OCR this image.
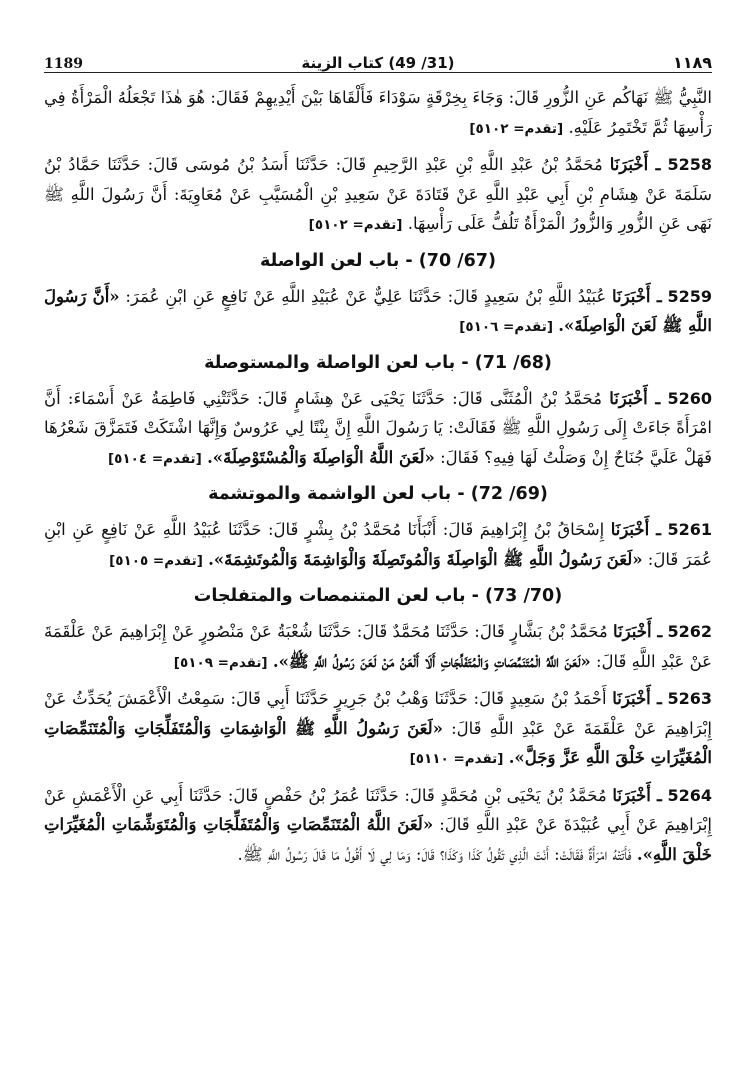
1189	(31/ 49) كتاب الزينة	١١٨٩

النَّبِيُّ ﷺ نَهَاكُم عَنِ الزُّورِ قَالَ: وَجَاءَ بِخِرْقَةٍ سَوْدَاءَ فَأَلْقَاهَا بَيْنَ أَيْدِيهِمْ فَقَالَ: هُوَ هٰذَا تَجْعَلُهُ الْمَرْأَةُ فِي رَأْسِهَا ثُمَّ تَخْتَمِرُ عَلَيْهِ. [تقدم= ٥١٠٢]

5258 ـ أَخْبَرَنَا مُحَمَّدُ بْنُ عَبْدِ اللَّهِ بْنِ عَبْدِ الرَّحِيمِ قَالَ: حَدَّثَنَا أَسَدُ بْنُ مُوسَى قَالَ: حَدَّثَنَا حَمَّادُ بْنُ سَلَمَةَ عَنْ هِشَامِ بْنِ أَبِي عَبْدِ اللَّهِ عَنْ قَتَادَةَ عَنْ سَعِيدِ بْنِ الْمُسَيَّبِ عَنْ مُعَاوِيَةَ: أَنَّ رَسُولَ اللَّهِ ﷺ نَهَى عَنِ الزُّورِ وَالزُّورُ الْمَرْأَةُ تَلُفُّ عَلَى رَأْسِهَا. [تقدم= ٥١٠٢]

(67/ 70) - باب لعن الواصلة

5259 ـ أَخْبَرَنَا عُبَيْدُ اللَّهِ بْنُ سَعِيدٍ قَالَ: حَدَّثَنَا عَلِيٌّ عَنْ عُبَيْدِ اللَّهِ عَنْ نَافِعٍ عَنِ ابْنِ عُمَرَ: «أَنَّ رَسُولَ اللَّهِ ﷺ لَعَنَ الْوَاصِلَةَ». [تقدم= ٥١٠٦]

(68/ 71) - باب لعن الواصلة والمستوصلة

5260 ـ أَخْبَرَنَا مُحَمَّدُ بْنُ الْمُثَنَّى قَالَ: حَدَّثَنَا يَحْيَى عَنْ هِشَامٍ قَالَ: حَدَّثَتْنِي فَاطِمَةُ عَنْ أَسْمَاءَ: أَنَّ امْرَأَةً جَاءَتْ إِلَى رَسُولِ اللَّهِ ﷺ فَقَالَتْ: يَا رَسُولَ اللَّهِ إِنَّ بِنْتًا لِي عَرُوسٌ وَإِنَّهَا اشْتَكَتْ فَتَمَزَّقَ شَعْرُهَا فَهَلْ عَلَيَّ جُنَاحٌ إِنْ وَصَلْتُ لَهَا فِيهِ؟ فَقَالَ: «لَعَنَ اللَّهُ الْوَاصِلَةَ وَالْمُسْتَوْصِلَةَ». [تقدم= ٥١٠٤]

(69/ 72) - باب لعن الواشمة والموتشمة

5261 ـ أَخْبَرَنَا إِسْحَاقُ بْنُ إِبْرَاهِيمَ قَالَ: أَنْبَأَنَا مُحَمَّدُ بْنُ بِشْرٍ قَالَ: حَدَّثَنَا عُبَيْدُ اللَّهِ عَنْ نَافِعٍ عَنِ ابْنِ عُمَرَ قَالَ: «لَعَنَ رَسُولُ اللَّهِ ﷺ الْوَاصِلَةَ وَالْمُوتَصِلَةَ وَالْوَاشِمَةَ وَالْمُوتَشِمَةَ». [تقدم= ٥١٠٥]

(70/ 73) - باب لعن المتنمصات والمتفلجات

5262 ـ أَخْبَرَنَا مُحَمَّدُ بْنُ بَشَّارٍ قَالَ: حَدَّثَنَا مُحَمَّدٌ قَالَ: حَدَّثَنَا شُعْبَةُ عَنْ مَنْصُورٍ عَنْ إِبْرَاهِيمَ عَنْ عَلْقَمَةَ عَنْ عَبْدِ اللَّهِ قَالَ: «لَعَنَ اللَّهُ الْمُتَنَمِّصَاتِ وَالْمُتَفَلِّجَاتِ أَلَا أَلْعَنُ مَنْ لَعَنَ رَسُولُ اللَّهِ ﷺ». [تقدم= ٥١٠٩]

5263 ـ أَخْبَرَنَا أَحْمَدُ بْنُ سَعِيدٍ قَالَ: حَدَّثَنَا وَهْبُ بْنُ جَرِيرٍ حَدَّثَنَا أَبِي قَالَ: سَمِعْتُ الْأَعْمَشَ يُحَدِّثُ عَنْ إِبْرَاهِيمَ عَنْ عَلْقَمَةَ عَنْ عَبْدِ اللَّهِ قَالَ: «لَعَنَ رَسُولُ اللَّهِ ﷺ الْوَاشِمَاتِ وَالْمُتَفَلِّجَاتِ وَالْمُتَنَمِّصَاتِ الْمُغَيِّرَاتِ خَلْقَ اللَّهِ عَزَّ وَجَلَّ». [تقدم= ٥١١٠]

5264 ـ أَخْبَرَنَا مُحَمَّدُ بْنُ يَحْيَى بْنِ مُحَمَّدٍ قَالَ: حَدَّثَنَا عُمَرُ بْنُ حَفْصٍ قَالَ: حَدَّثَنَا أَبِي عَنِ الْأَعْمَشِ عَنْ إِبْرَاهِيمَ عَنْ أَبِي عُبَيْدَةَ عَنْ عَبْدِ اللَّهِ قَالَ: «لَعَنَ اللَّهُ الْمُتَنَمِّصَاتِ وَالْمُتَفَلِّجَاتِ وَالْمُتَوَشِّمَاتِ الْمُغَيِّرَاتِ خَلْقَ اللَّهِ». فَأَتَتْهُ امْرَأَةٌ فَقَالَتْ: أَنْتَ الَّذِي تَقُولُ كَذَا وَكَذَا؟ قَالَ: وَمَا لِي لَا أَقُولُ مَا قَالَ رَسُولُ اللَّهِ ﷺ.
